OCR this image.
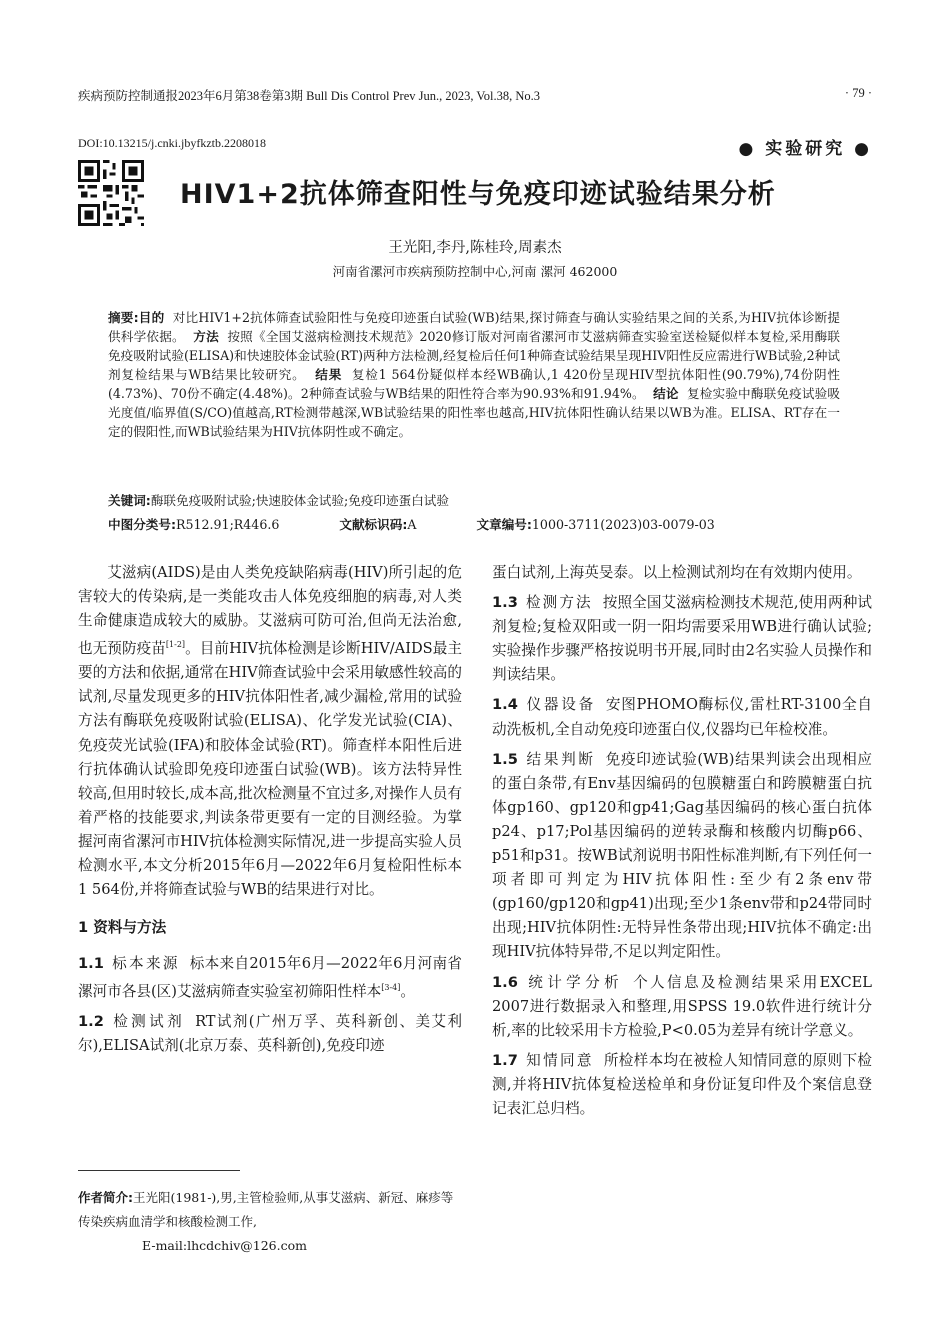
疾病预防控制通报2023年6月第38卷第3期 Bull Dis Control Prev Jun., 2023, Vol.38, No.3	· 79 ·
DOI:10.13215/j.cnki.jbyfkztb.2208018	● 实验研究 ●
HIV1+2抗体筛查阳性与免疫印迹试验结果分析
王光阳,李丹,陈桂玲,周素杰
河南省漯河市疾病预防控制中心,河南 漯河 462000
摘要:目的 对比HIV1+2抗体筛查试验阳性与免疫印迹蛋白试验(WB)结果,探讨筛查与确认实验结果之间的关系,为HIV抗体诊断提供科学依据。 方法 按照《全国艾滋病检测技术规范》2020修订版对河南省漯河市艾滋病筛查实验室送检疑似样本复检,采用酶联免疫吸附试验(ELISA)和快速胶体金试验(RT)两种方法检测,经复检后任何1种筛查试验结果呈现HIV阳性反应需进行WB试验,2种试剂复检结果与WB结果比较研究。 结果 复检1 564份疑似样本经WB确认,1 420份呈现HIV型抗体阳性(90.79%),74份阴性(4.73%)、70份不确定(4.48%)。2种筛查试验与WB结果的阳性符合率为90.93%和91.94%。 结论 复检实验中酶联免疫试验吸光度值/临界值(S/CO)值越高,RT检测带越深,WB试验结果的阳性率也越高,HIV抗体阳性确认结果以WB为准。ELISA、RT存在一定的假阳性,而WB试验结果为HIV抗体阴性或不确定。
关键词:酶联免疫吸附试验;快速胶体金试验;免疫印迹蛋白试验
中图分类号:R512.91;R446.6	文献标识码:A	文章编号:1000-3711(2023)03-0079-03

艾滋病(AIDS)是由人类免疫缺陷病毒(HIV)所引起的危害较大的传染病,是一类能攻击人体免疫细胞的病毒,对人类生命健康造成较大的威胁。艾滋病可防可治,但尚无法治愈,也无预防疫苗[1-2]。目前HIV抗体检测是诊断HIV/AIDS最主要的方法和依据,通常在HIV筛查试验中会采用敏感性较高的试剂,尽量发现更多的HIV抗体阳性者,减少漏检,常用的试验方法有酶联免疫吸附试验(ELISA)、化学发光试验(CIA)、免疫荧光试验(IFA)和胶体金试验(RT)。筛查样本阳性后进行抗体确认试验即免疫印迹蛋白试验(WB)。该方法特异性较高,但用时较长,成本高,批次检测量不宜过多,对操作人员有着严格的技能要求,判读条带更要有一定的目测经验。为掌握河南省漯河市HIV抗体检测实际情况,进一步提高实验人员检测水平,本文分析2015年6月—2022年6月复检阳性标本1 564份,并将筛查试验与WB的结果进行对比。

1 资料与方法

1.1 标本来源 标本来自2015年6月—2022年6月河南省漯河市各县(区)艾滋病筛查实验室初筛阳性样本[3-4]。

1.2 检测试剂 RT试剂(广州万孚、英科新创、美艾利尔),ELISA试剂(北京万泰、英科新创),免疫印迹

作者简介:王光阳(1981-),男,主管检验师,从事艾滋病、新冠、麻疹等传染疾病血清学和核酸检测工作,
E-mail:lhcdchiv@126.com

蛋白试剂,上海英旻泰。以上检测试剂均在有效期内使用。

1.3 检测方法 按照全国艾滋病检测技术规范,使用两种试剂复检;复检双阳或一阴一阳均需要采用WB进行确认试验;实验操作步骤严格按说明书开展,同时由2名实验人员操作和判读结果。

1.4 仪器设备 安图PHOMO酶标仪,雷杜RT-3100全自动洗板机,全自动免疫印迹蛋白仪,仪器均已年检校准。

1.5 结果判断 免疫印迹试验(WB)结果判读会出现相应的蛋白条带,有Env基因编码的包膜糖蛋白和跨膜糖蛋白抗体gp160、gp120和gp41;Gag基因编码的核心蛋白抗体p24、p17;Pol基因编码的逆转录酶和核酸内切酶p66、p51和p31。按WB试剂说明书阳性标准判断,有下列任何一项者即可判定为HIV抗体阳性:至少有2条env带(gp160/gp120和gp41)出现;至少1条env带和p24带同时出现;HIV抗体阴性:无特异性条带出现;HIV抗体不确定:出现HIV抗体特异带,不足以判定阳性。

1.6 统计学分析 个人信息及检测结果采用EXCEL 2007进行数据录入和整理,用SPSS 19.0软件进行统计分析,率的比较采用卡方检验,P<0.05为差异有统计学意义。

1.7 知情同意 所检样本均在被检人知情同意的原则下检测,并将HIV抗体复检送检单和身份证复印件及个案信息登记表汇总归档。
